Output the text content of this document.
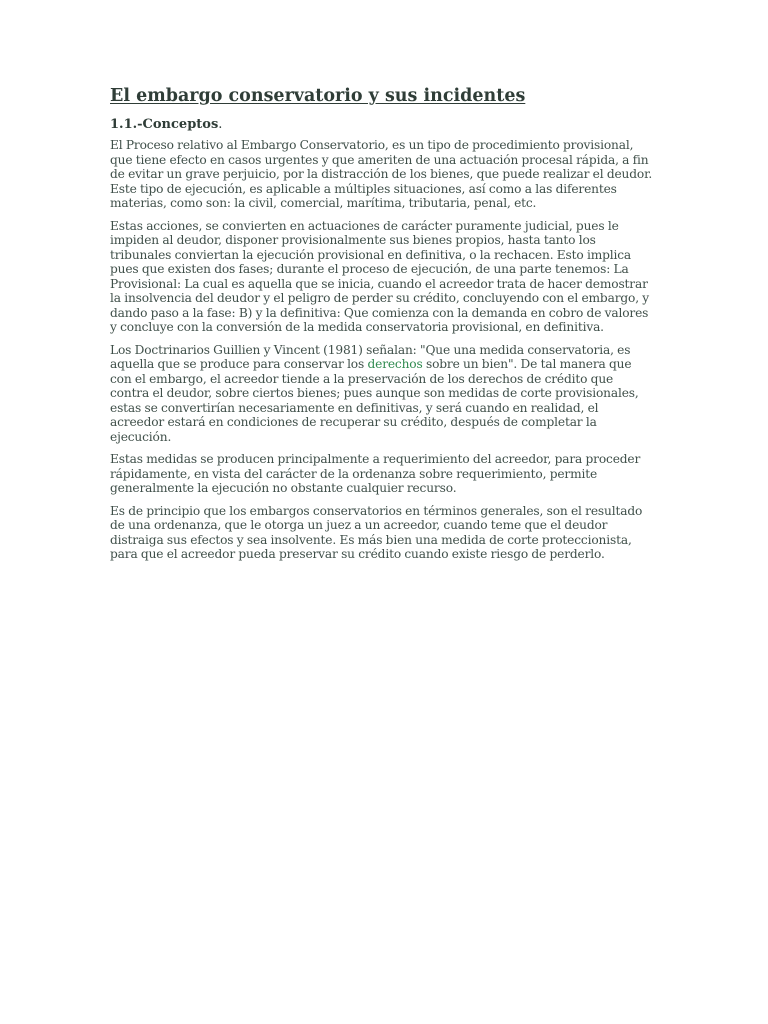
El embargo conservatorio y sus incidentes
1.1.-Conceptos.

El Proceso relativo al Embargo Conservatorio, es un tipo de procedimiento provisional, que tiene efecto en casos urgentes y que ameriten de una actuación procesal rápida, a fin de evitar un grave perjuicio, por la distracción de los bienes, que puede realizar el deudor. Este tipo de ejecución, es aplicable a múltiples situaciones, así como a las diferentes materias, como son: la civil, comercial, marítima, tributaria, penal, etc.

Estas acciones, se convierten en actuaciones de carácter puramente judicial, pues le impiden al deudor, disponer provisionalmente sus bienes propios, hasta tanto los tribunales conviertan la ejecución provisional en definitiva, o la rechacen. Esto implica pues que existen dos fases; durante el proceso de ejecución, de una parte tenemos: La Provisional: La cual es aquella que se inicia, cuando el acreedor trata de hacer demostrar la insolvencia del deudor y el peligro de perder su crédito, concluyendo con el embargo, y dando paso a la fase: B) y la definitiva: Que comienza con la demanda en cobro de valores y concluye con la conversión de la medida conservatoria provisional, en definitiva.

Los Doctrinarios Guillien y Vincent (1981) señalan: "Que una medida conservatoria, es aquella que se produce para conservar los derechos sobre un bien". De tal manera que con el embargo, el acreedor tiende a la preservación de los derechos de crédito que contra el deudor, sobre ciertos bienes; pues aunque son medidas de corte provisionales, estas se convertirían necesariamente en definitivas, y será cuando en realidad, el acreedor estará en condiciones de recuperar su crédito, después de completar la ejecución.

Estas medidas se producen principalmente a requerimiento del acreedor, para proceder rápidamente, en vista del carácter de la ordenanza sobre requerimiento, permite generalmente la ejecución no obstante cualquier recurso.

Es de principio que los embargos conservatorios en términos generales, son el resultado de una ordenanza, que le otorga un juez a un acreedor, cuando teme que el deudor distraiga sus efectos y sea insolvente. Es más bien una medida de corte proteccionista, para que el acreedor pueda preservar su crédito cuando existe riesgo de perderlo.
